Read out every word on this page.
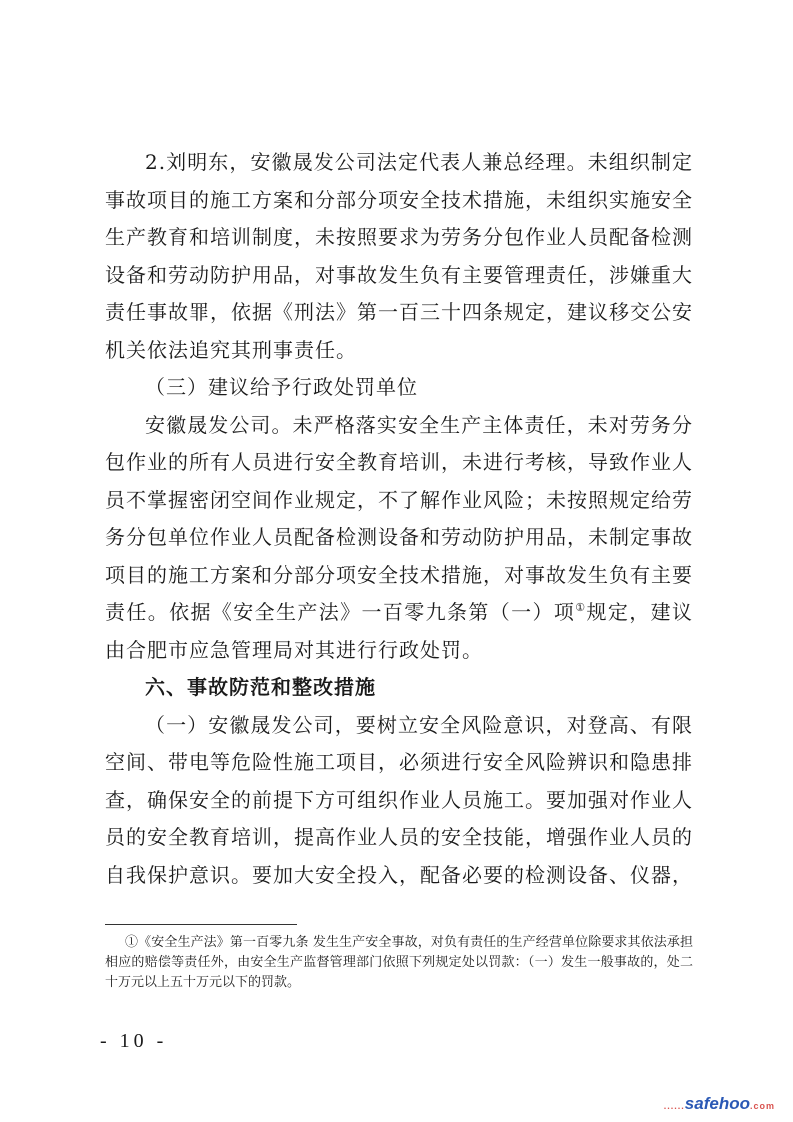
2.刘明东，安徽晟发公司法定代表人兼总经理。未组织制定事故项目的施工方案和分部分项安全技术措施，未组织实施安全生产教育和培训制度，未按照要求为劳务分包作业人员配备检测设备和劳动防护用品，对事故发生负有主要管理责任，涉嫌重大责任事故罪，依据《刑法》第一百三十四条规定，建议移交公安机关依法追究其刑事责任。

（三）建议给予行政处罚单位

安徽晟发公司。未严格落实安全生产主体责任，未对劳务分包作业的所有人员进行安全教育培训，未进行考核，导致作业人员不掌握密闭空间作业规定，不了解作业风险；未按照规定给劳务分包单位作业人员配备检测设备和劳动防护用品，未制定事故项目的施工方案和分部分项安全技术措施，对事故发生负有主要责任。依据《安全生产法》一百零九条第（一）项①规定，建议由合肥市应急管理局对其进行行政处罚。

六、事故防范和整改措施

（一）安徽晟发公司，要树立安全风险意识，对登高、有限空间、带电等危险性施工项目，必须进行安全风险辨识和隐患排查，确保安全的前提下方可组织作业人员施工。要加强对作业人员的安全教育培训，提高作业人员的安全技能，增强作业人员的自我保护意识。要加大安全投入，配备必要的检测设备、仪器，

①《安全生产法》第一百零九条 发生生产安全事故，对负有责任的生产经营单位除要求其依法承担相应的赔偿等责任外，由安全生产监督管理部门依照下列规定处以罚款：（一）发生一般事故的，处二十万元以上五十万元以下的罚款。

- 10 -
......safehoo.com
